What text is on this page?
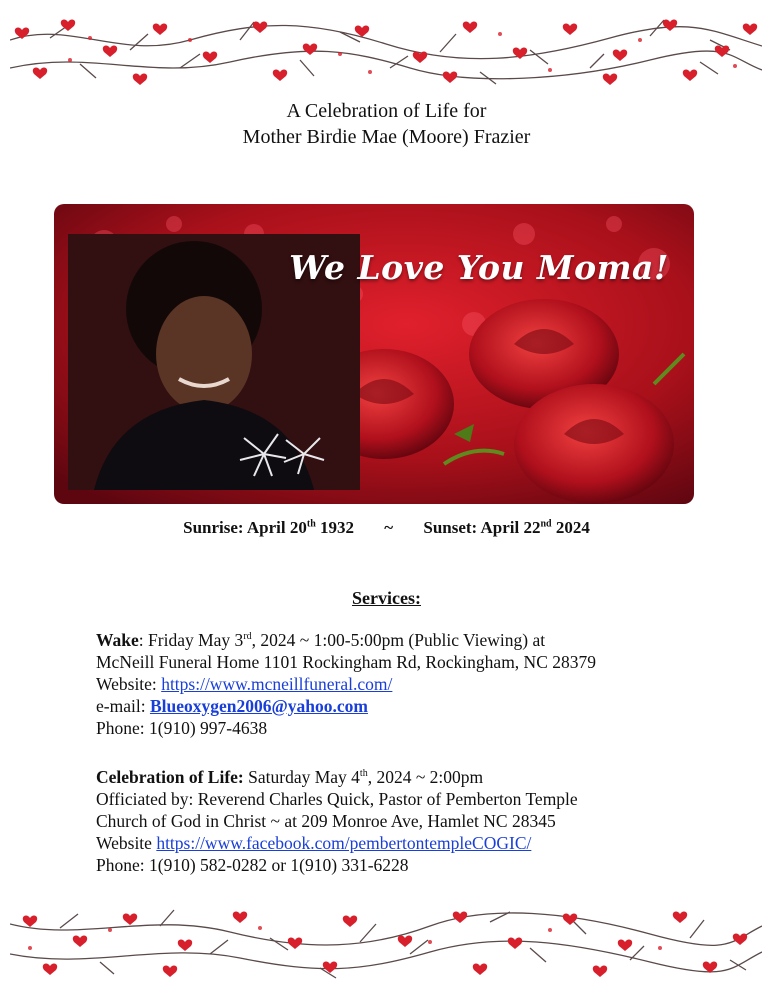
A Celebration of Life for
Mother Birdie Mae (Moore) Frazier
We Love You Moma!
Sunrise: April 20th 1932 ~ Sunset: April 22nd 2024
Services:
Wake: Friday May 3rd, 2024 ~ 1:00-5:00pm (Public Viewing) at
McNeill Funeral Home 1101 Rockingham Rd, Rockingham, NC 28379
Website: https://www.mcneillfuneral.com/
e-mail: Blueoxygen2006@yahoo.com
Phone: 1(910) 997-4638
Celebration of Life: Saturday May 4th, 2024 ~ 2:00pm
Officiated by: Reverend Charles Quick, Pastor of Pemberton Temple
Church of God in Christ ~ at 209 Monroe Ave, Hamlet NC 28345
Website https://www.facebook.com/pembertontempleCOGIC/
Phone: 1(910) 582-0282 or 1(910) 331-6228
